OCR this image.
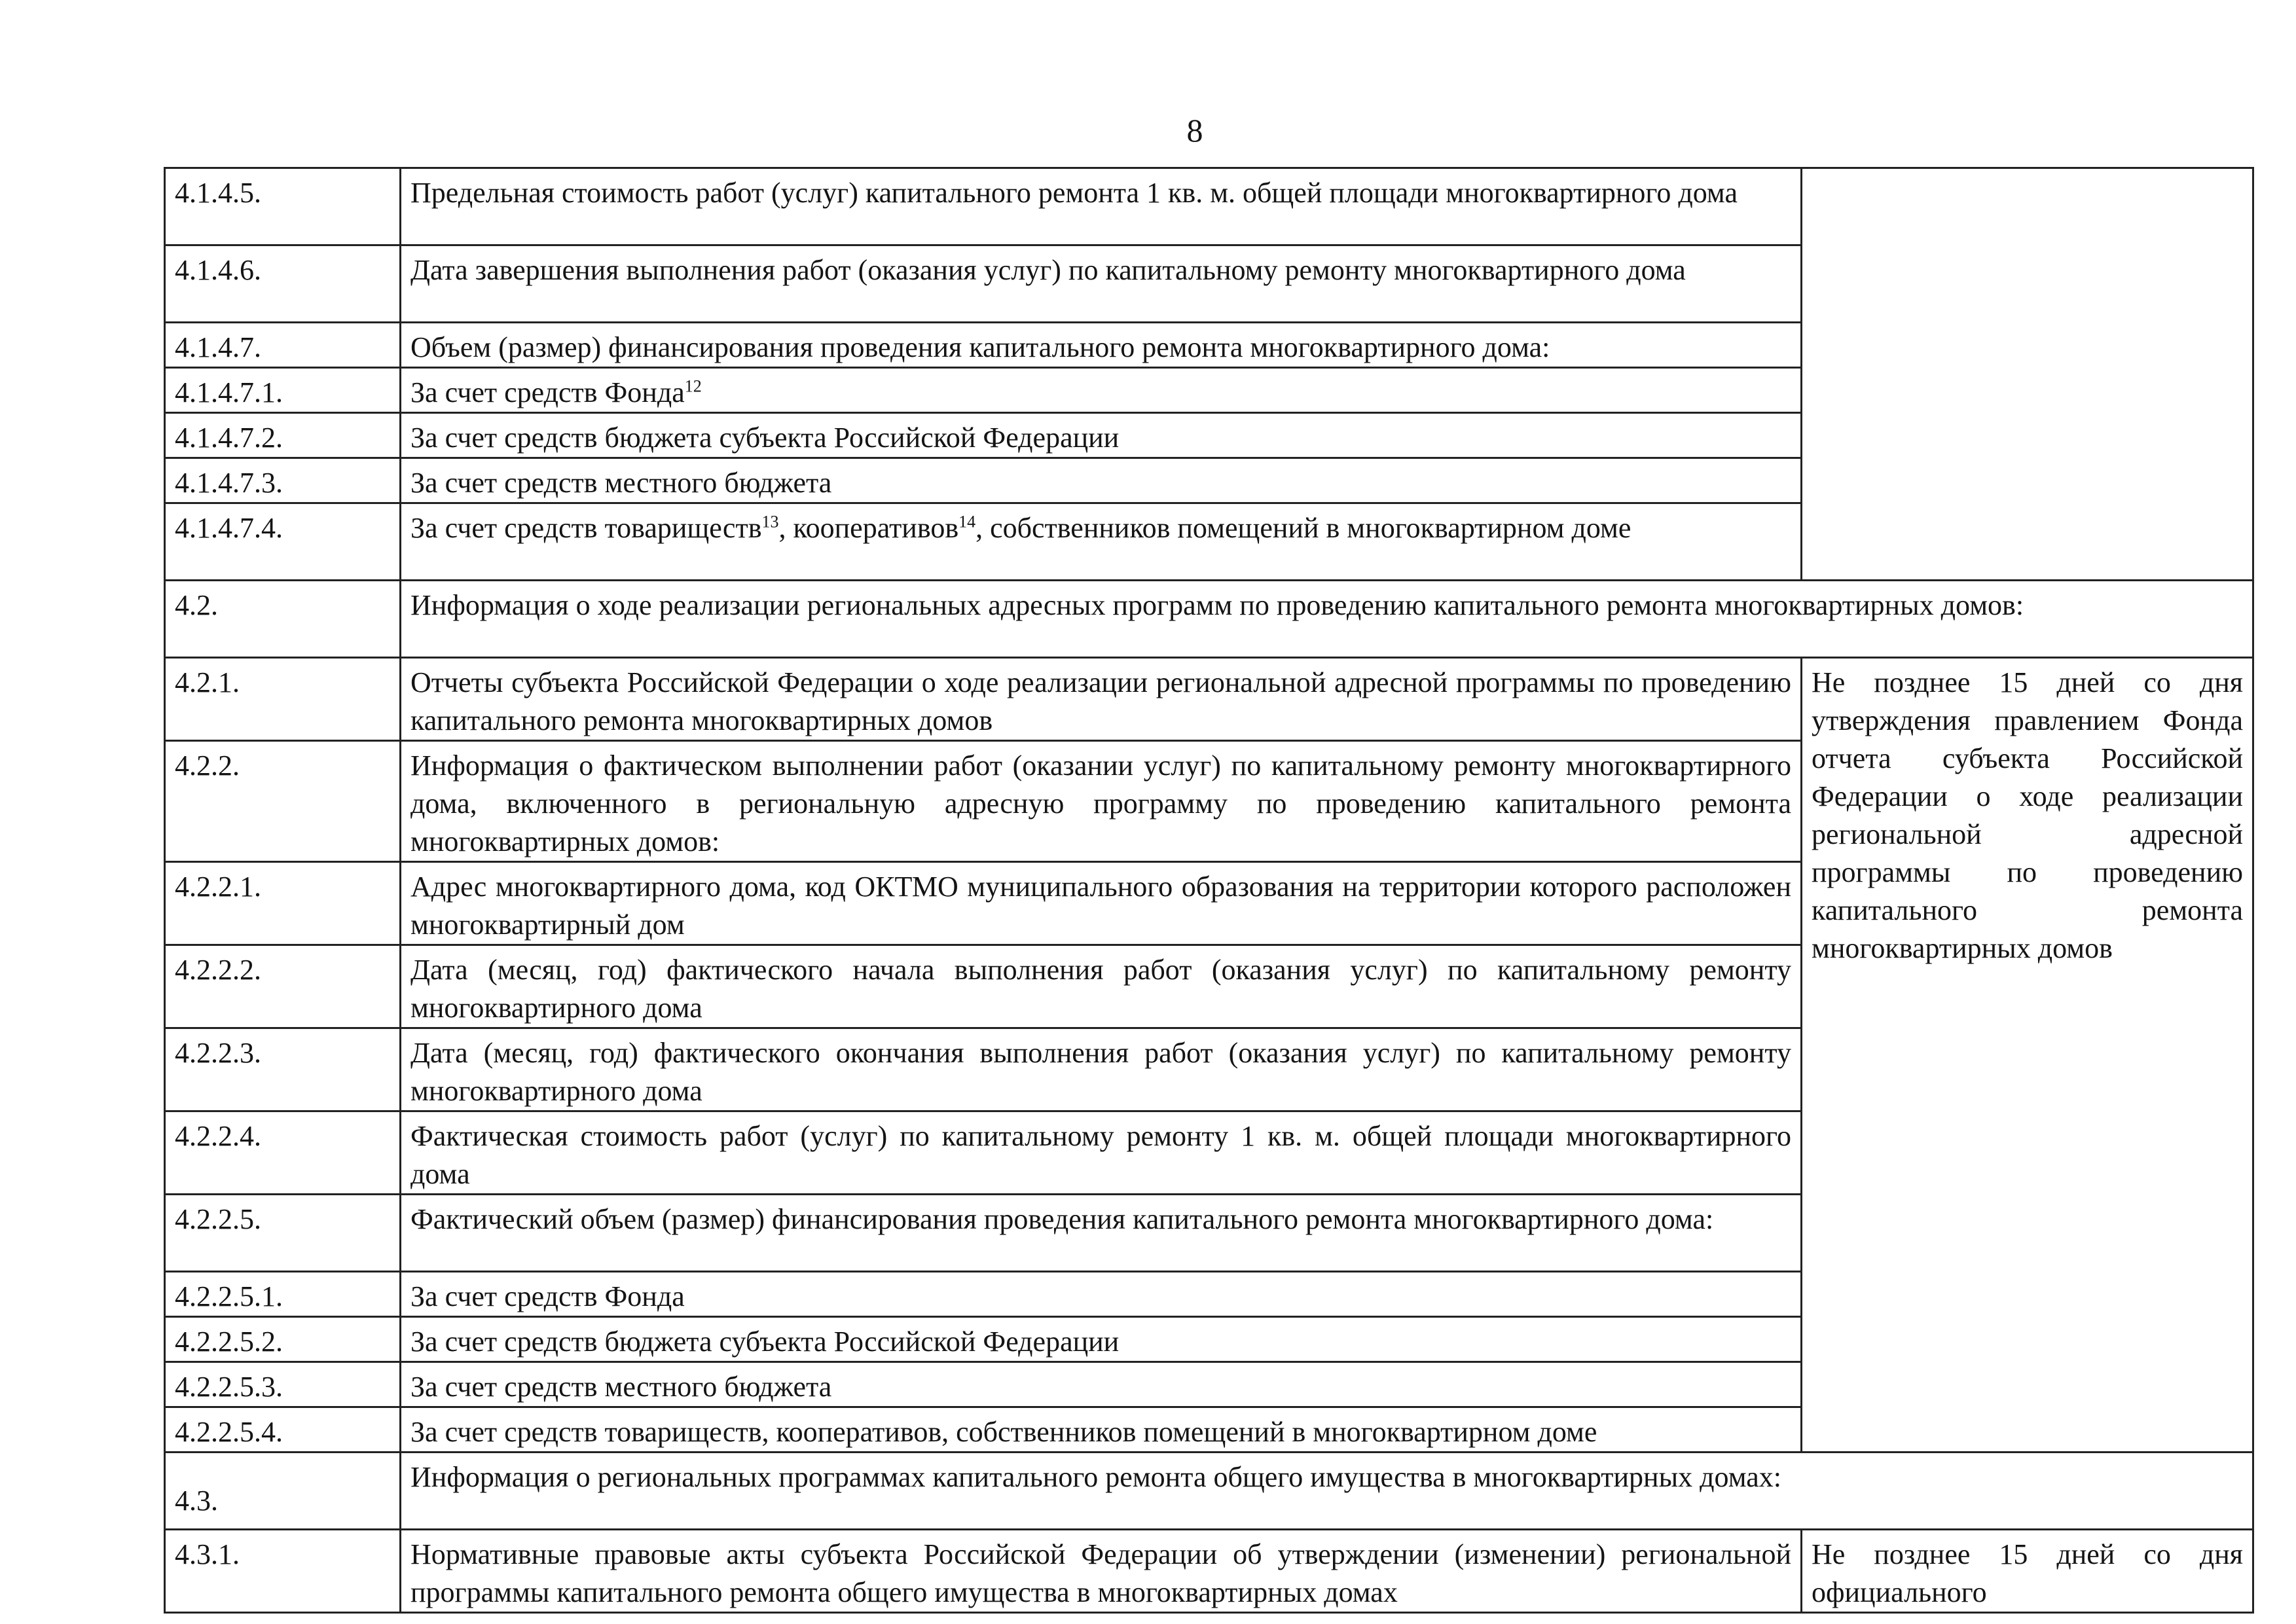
8
4.1.4.5.	Предельная стоимость работ (услуг) капитального ремонта 1 кв. м. общей площади многоквартирного дома	
4.1.4.6.	Дата завершения выполнения работ (оказания услуг) по капитальному ремонту многоквартирного дома	
4.1.4.7.	Объем (размер) финансирования проведения капитального ремонта многоквартирного дома:	
4.1.4.7.1.	За счет средств Фонда$^{12}$
4.1.4.7.2.	За счет средств бюджета субъекта Российской Федерации	
4.1.4.7.3.	За счет средств местного бюджета	
4.1.4.7.4.	За счет средств товариществ$^{13}$, кооперативов$^{14}$, собственников помещений в многоквартирном доме	
4.2.	Информация о ходе реализации региональных адресных программ по проведению капитального ремонта многоквартирных домов:	
4.2.1.	Отчеты субъекта Российской Федерации о ходе реализации региональной адресной программы по проведению капитального ремонта многоквартирных домов	Не позднее 15 дней со дня утверждения правлением Фонда отчета субъекта Российской Федерации о ходе реализации региональной адресной программы по проведению капитального ремонта многоквартирных домов
4.2.2.	Информация о фактическом выполнении работ (оказании услуг) по капитальному ремонту многоквартирного дома, включенного в региональную адресную программу по проведению капитального ремонта многоквартирных домов:	
4.2.2.1.	Адрес многоквартирного дома, код ОКТМО муниципального образования на территории которого расположен многоквартирный дом	
4.2.2.2.	Дата (месяц, год) фактического начала выполнения работ (оказания услуг) по капитальному ремонту многоквартирного дома	
4.2.2.3.	Дата (месяц, год) фактического окончания выполнения работ (оказания услуг) по капитальному ремонту многоквартирного дома	
4.2.2.4.	Фактическая стоимость работ (услуг) по капитальному ремонту 1 кв. м. общей площади многоквартирного дома	
4.2.2.5.	Фактический объем (размер) финансирования проведения капитального ремонта многоквартирного дома:	
4.2.2.5.1.	За счет средств Фонда	
4.2.2.5.2.	За счет средств бюджета субъекта Российской Федерации	
4.2.2.5.3.	За счет средств местного бюджета	
4.2.2.5.4.	За счет средств товариществ, кооперативов, собственников помещений в многоквартирном доме	
4.3.	Информация о региональных программах капитального ремонта общего имущества в многоквартирных домах:	
4.3.1.	Нормативные правовые акты субъекта Российской Федерации об утверждении (изменении) региональной программы капитального ремонта общего имущества в многоквартирных домах	Не позднее 15 дней со дня официального
